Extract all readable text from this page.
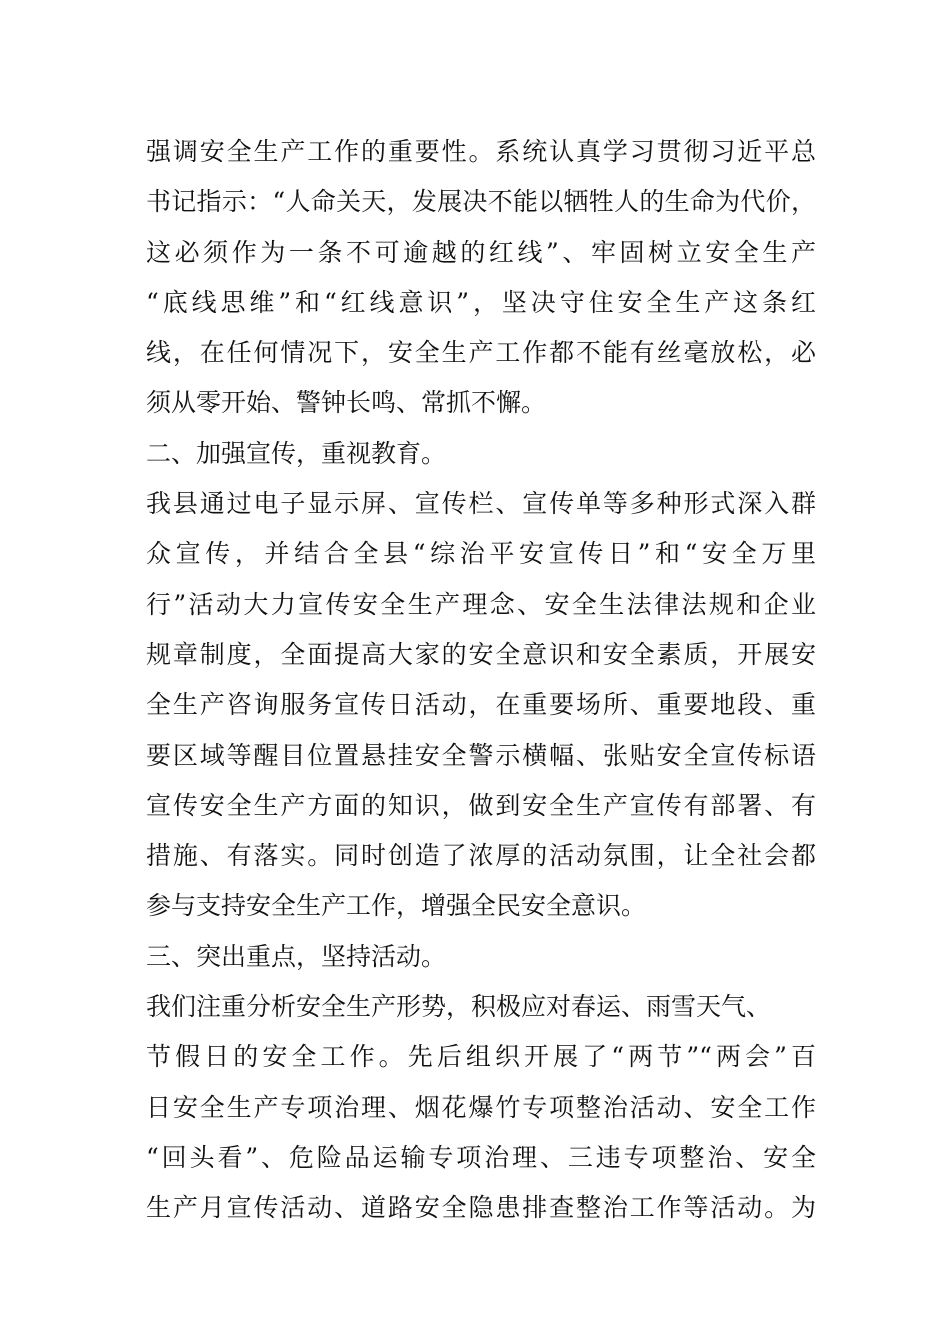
强调安全生产工作的重要性。系统认真学习贯彻习近平总
书记指示：“人命关天，发展决不能以牺牲人的生命为代价，
这必须作为一条不可逾越的红线”、牢固树立安全生产
“底线思维”和“红线意识”，坚决守住安全生产这条红
线，在任何情况下，安全生产工作都不能有丝毫放松，必
须从零开始、警钟长鸣、常抓不懈。
二、加强宣传，重视教育。
我县通过电子显示屏、宣传栏、宣传单等多种形式深入群
众宣传，并结合全县“综治平安宣传日”和“安全万里
行”活动大力宣传安全生产理念、安全生法律法规和企业
规章制度，全面提高大家的安全意识和安全素质，开展安
全生产咨询服务宣传日活动，在重要场所、重要地段、重
要区域等醒目位置悬挂安全警示横幅、张贴安全宣传标语
宣传安全生产方面的知识，做到安全生产宣传有部署、有
措施、有落实。同时创造了浓厚的活动氛围，让全社会都
参与支持安全生产工作，增强全民安全意识。
三、突出重点，坚持活动。
我们注重分析安全生产形势，积极应对春运、雨雪天气、
节假日的安全工作。先后组织开展了“两节”“两会”百
日安全生产专项治理、烟花爆竹专项整治活动、安全工作
“回头看”、危险品运输专项治理、三违专项整治、安全
生产月宣传活动、道路安全隐患排查整治工作等活动。为
